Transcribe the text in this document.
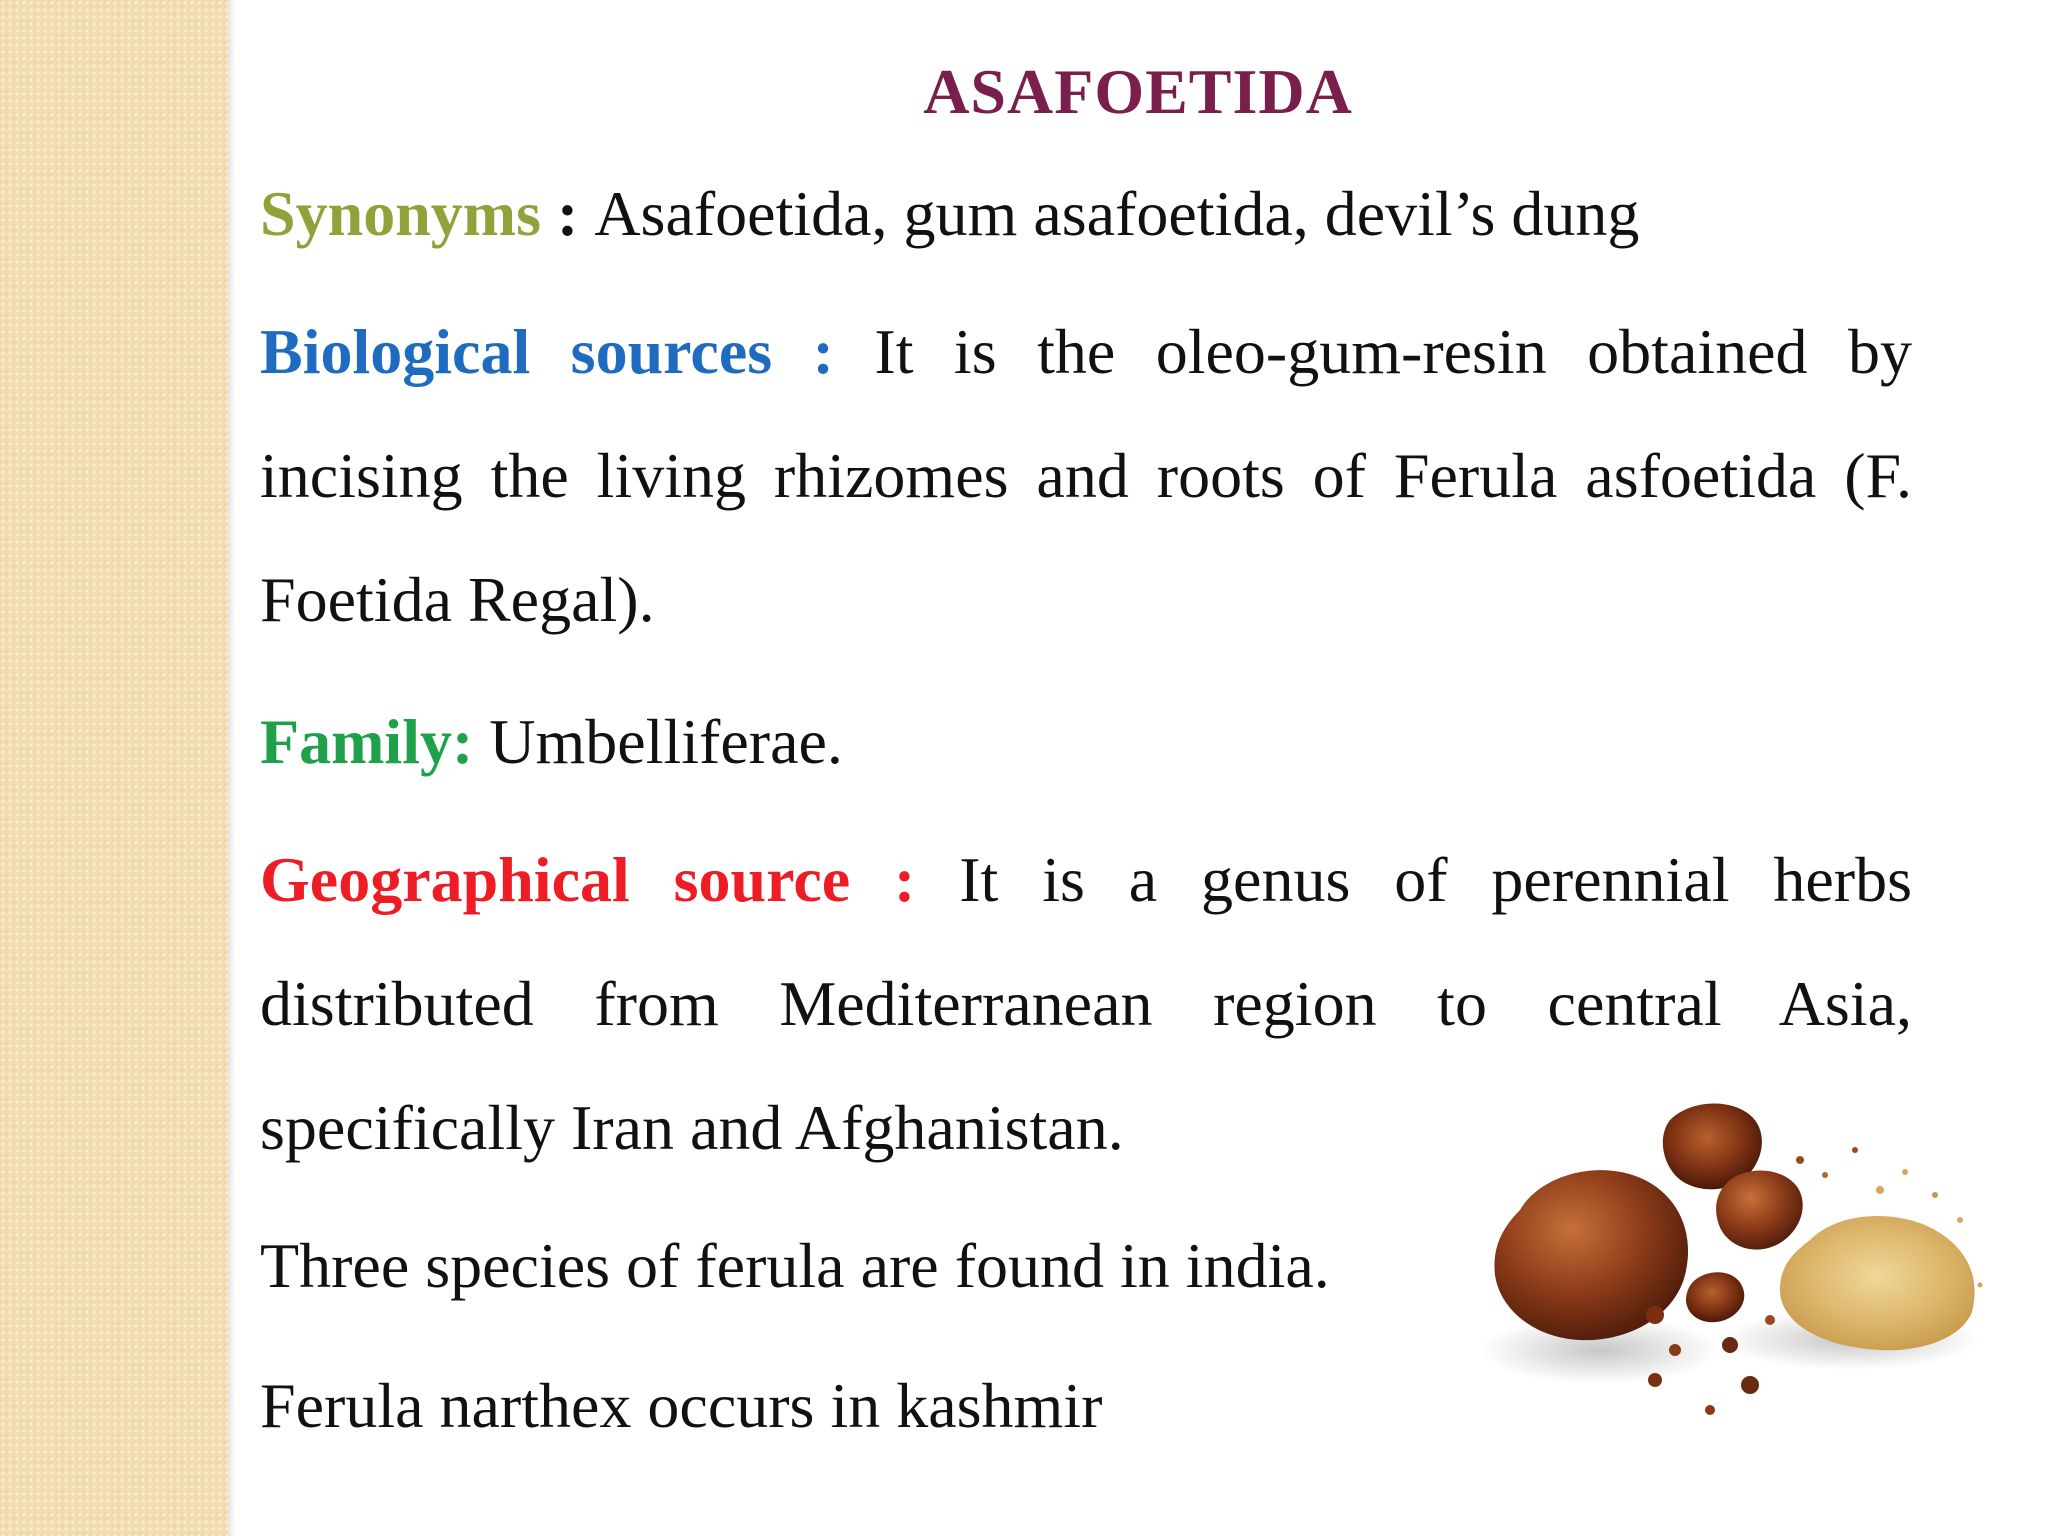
ASAFOETIDA

Synonyms : Asafoetida, gum asafoetida, devil’s dung

Biological sources : It is the oleo-gum-resin obtained by incising the living rhizomes and roots of Ferula asfoetida (F. Foetida Regal).

Family: Umbelliferae.

Geographical source : It is a genus of perennial herbs distributed from Mediterranean region to central Asia, specifically Iran and Afghanistan.

Three species of ferula are found in india.

Ferula narthex occurs in kashmir
